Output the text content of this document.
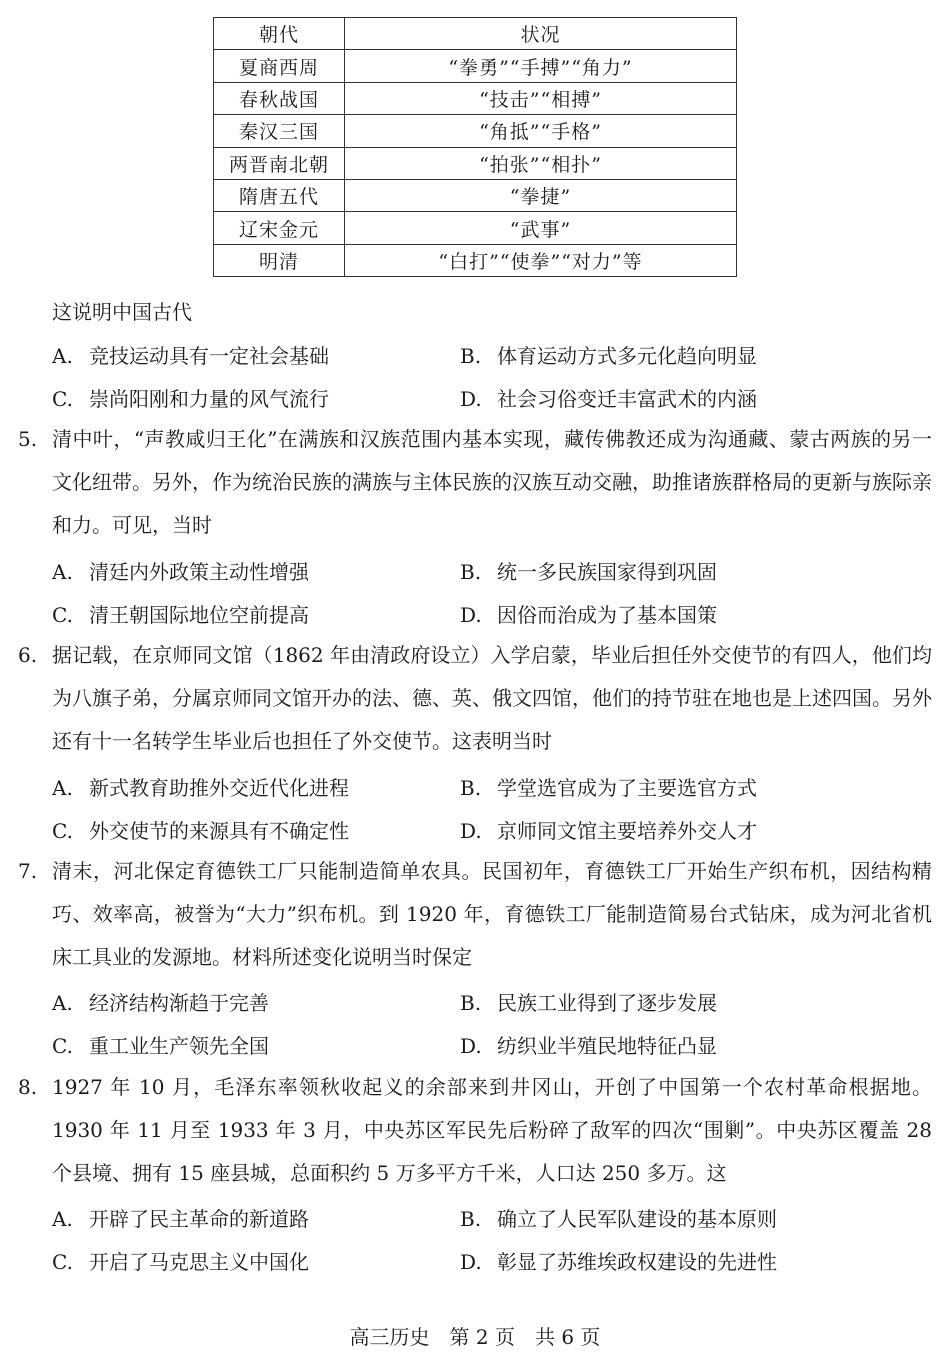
朝代	状况
夏商西周	“拳勇”“手搏”“角力”
春秋战国	“技击”“相搏”
秦汉三国	“角抵”“手格”
两晋南北朝	“拍张”“相扑”
隋唐五代	“拳捷”
辽宋金元	“武事”
明清	“白打”“使拳”“对力”等
这说明中国古代
A. 竞技运动具有一定社会基础	B. 体育运动方式多元化趋向明显
C. 崇尚阳刚和力量的风气流行	D. 社会习俗变迁丰富武术的内涵
5. 清中叶，“声教咸归王化”在满族和汉族范围内基本实现，藏传佛教还成为沟通藏、蒙古两族的另一文化纽带。另外，作为统治民族的满族与主体民族的汉族互动交融，助推诸族群格局的更新与族际亲和力。可见，当时
A. 清廷内外政策主动性增强	B. 统一多民族国家得到巩固
C. 清王朝国际地位空前提高	D. 因俗而治成为了基本国策
6. 据记载，在京师同文馆（1862 年由清政府设立）入学启蒙，毕业后担任外交使节的有四人，他们均为八旗子弟，分属京师同文馆开办的法、德、英、俄文四馆，他们的持节驻在地也是上述四国。另外还有十一名转学生毕业后也担任了外交使节。这表明当时
A. 新式教育助推外交近代化进程	B. 学堂选官成为了主要选官方式
C. 外交使节的来源具有不确定性	D. 京师同文馆主要培养外交人才
7. 清末，河北保定育德铁工厂只能制造简单农具。民国初年，育德铁工厂开始生产织布机，因结构精巧、效率高，被誉为“大力”织布机。到 1920 年，育德铁工厂能制造简易台式钻床，成为河北省机床工具业的发源地。材料所述变化说明当时保定
A. 经济结构渐趋于完善	B. 民族工业得到了逐步发展
C. 重工业生产领先全国	D. 纺织业半殖民地特征凸显
8. 1927 年 10 月，毛泽东率领秋收起义的余部来到井冈山，开创了中国第一个农村革命根据地。1930 年 11 月至 1933 年 3 月，中央苏区军民先后粉碎了敌军的四次“围剿”。中央苏区覆盖 28 个县境、拥有 15 座县城，总面积约 5 万多平方千米，人口达 250 多万。这
A. 开辟了民主革命的新道路	B. 确立了人民军队建设的基本原则
C. 开启了马克思主义中国化	D. 彰显了苏维埃政权建设的先进性
高三历史　第 2 页　共 6 页
